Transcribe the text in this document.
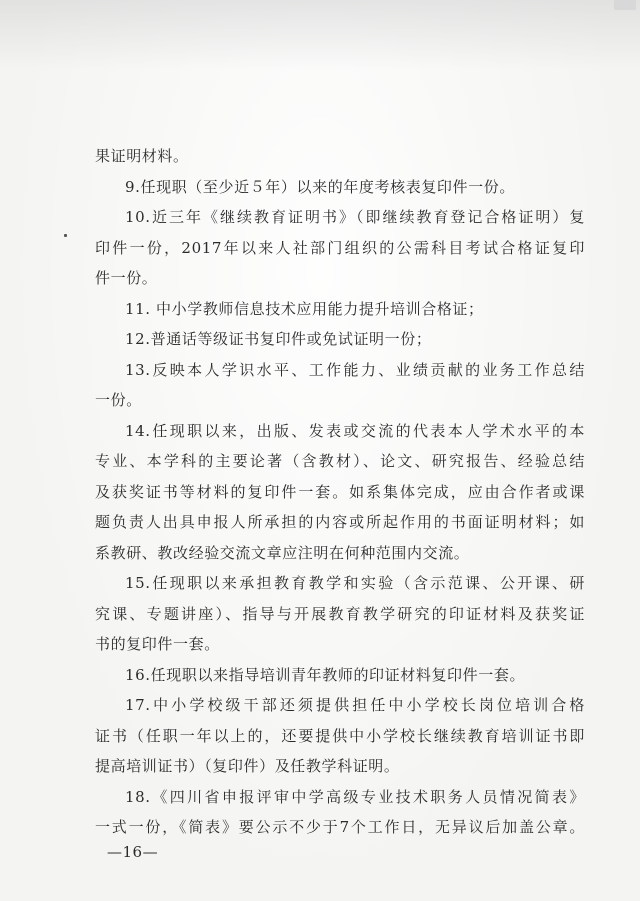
果证明材料。
9.任现职（至少近５年）以来的年度考核表复印件一份。
10.近三年《继续教育证明书》（即继续教育登记合格证明）复
印件一份，2017年以来人社部门组织的公需科目考试合格证复印
件一份。
11. 中小学教师信息技术应用能力提升培训合格证；
12.普通话等级证书复印件或免试证明一份；
13.反映本人学识水平、工作能力、业绩贡献的业务工作总结
一份。
14.任现职以来，出版、发表或交流的代表本人学术水平的本
专业、本学科的主要论著（含教材）、论文、研究报告、经验总结
及获奖证书等材料的复印件一套。如系集体完成，应由合作者或课
题负责人出具申报人所承担的内容或所起作用的书面证明材料；如
系教研、教改经验交流文章应注明在何种范围内交流。
15.任现职以来承担教育教学和实验（含示范课、公开课、研
究课、专题讲座）、指导与开展教育教学研究的印证材料及获奖证
书的复印件一套。
16.任现职以来指导培训青年教师的印证材料复印件一套。
17.中小学校级干部还须提供担任中小学校长岗位培训合格
证书（任职一年以上的，还要提供中小学校长继续教育培训证书即
提高培训证书）（复印件）及任教学科证明。
18.《四川省申报评审中学高级专业技术职务人员情况简表》
一式一份，《简表》要公示不少于7个工作日，无异议后加盖公章。
—16—
